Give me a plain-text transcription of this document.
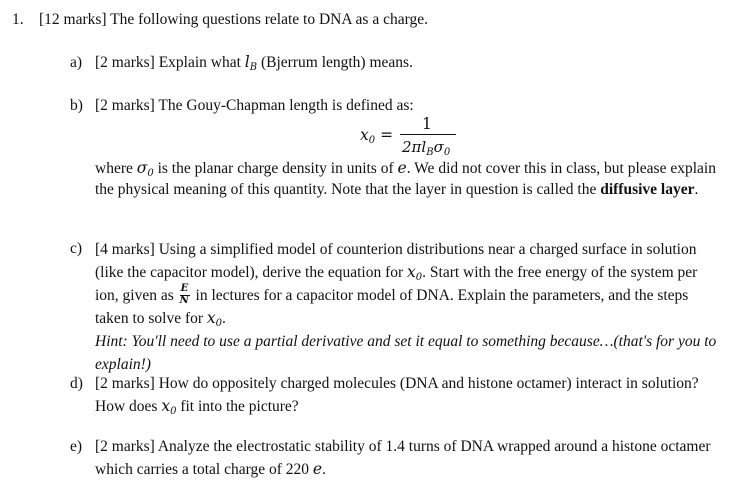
1. [12 marks] The following questions relate to DNA as a charge.
a) [2 marks] Explain what $l_B$ (Bjerrum length) means.
b) [2 marks] The Gouy-Chapman length is defined as:
$x_0$ =
1
$2\pi l_B\sigma_0$
where $\sigma_0$ is the planar charge density in units of e. We did not cover this in class, but please explain the physical meaning of this quantity. Note that the layer in question is called the diffusive layer.
c) [4 marks] Using a simplified model of counterion distributions near a charged surface in solution (like the capacitor model), derive the equation for $x_0$. Start with the free energy of the system per ion, given as $\frac{E}{N}$ in lectures for a capacitor model of DNA. Explain the parameters, and the steps taken to solve for $x_0$.
Hint: You'll need to use a partial derivative and set it equal to something because…(that's for you to explain!)
d) [2 marks] How do oppositely charged molecules (DNA and histone octamer) interact in solution? How does $x_0$ fit into the picture?
e) [2 marks] Analyze the electrostatic stability of 1.4 turns of DNA wrapped around a histone octamer which carries a total charge of 220 e.
